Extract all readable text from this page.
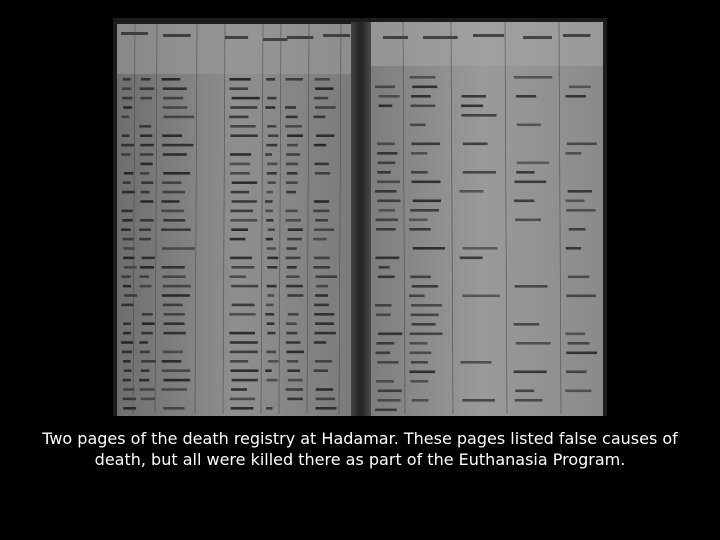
Two pages of the death registry at Hadamar. These pages listed false causes of death, but all were killed there as part of the Euthanasia Program.
